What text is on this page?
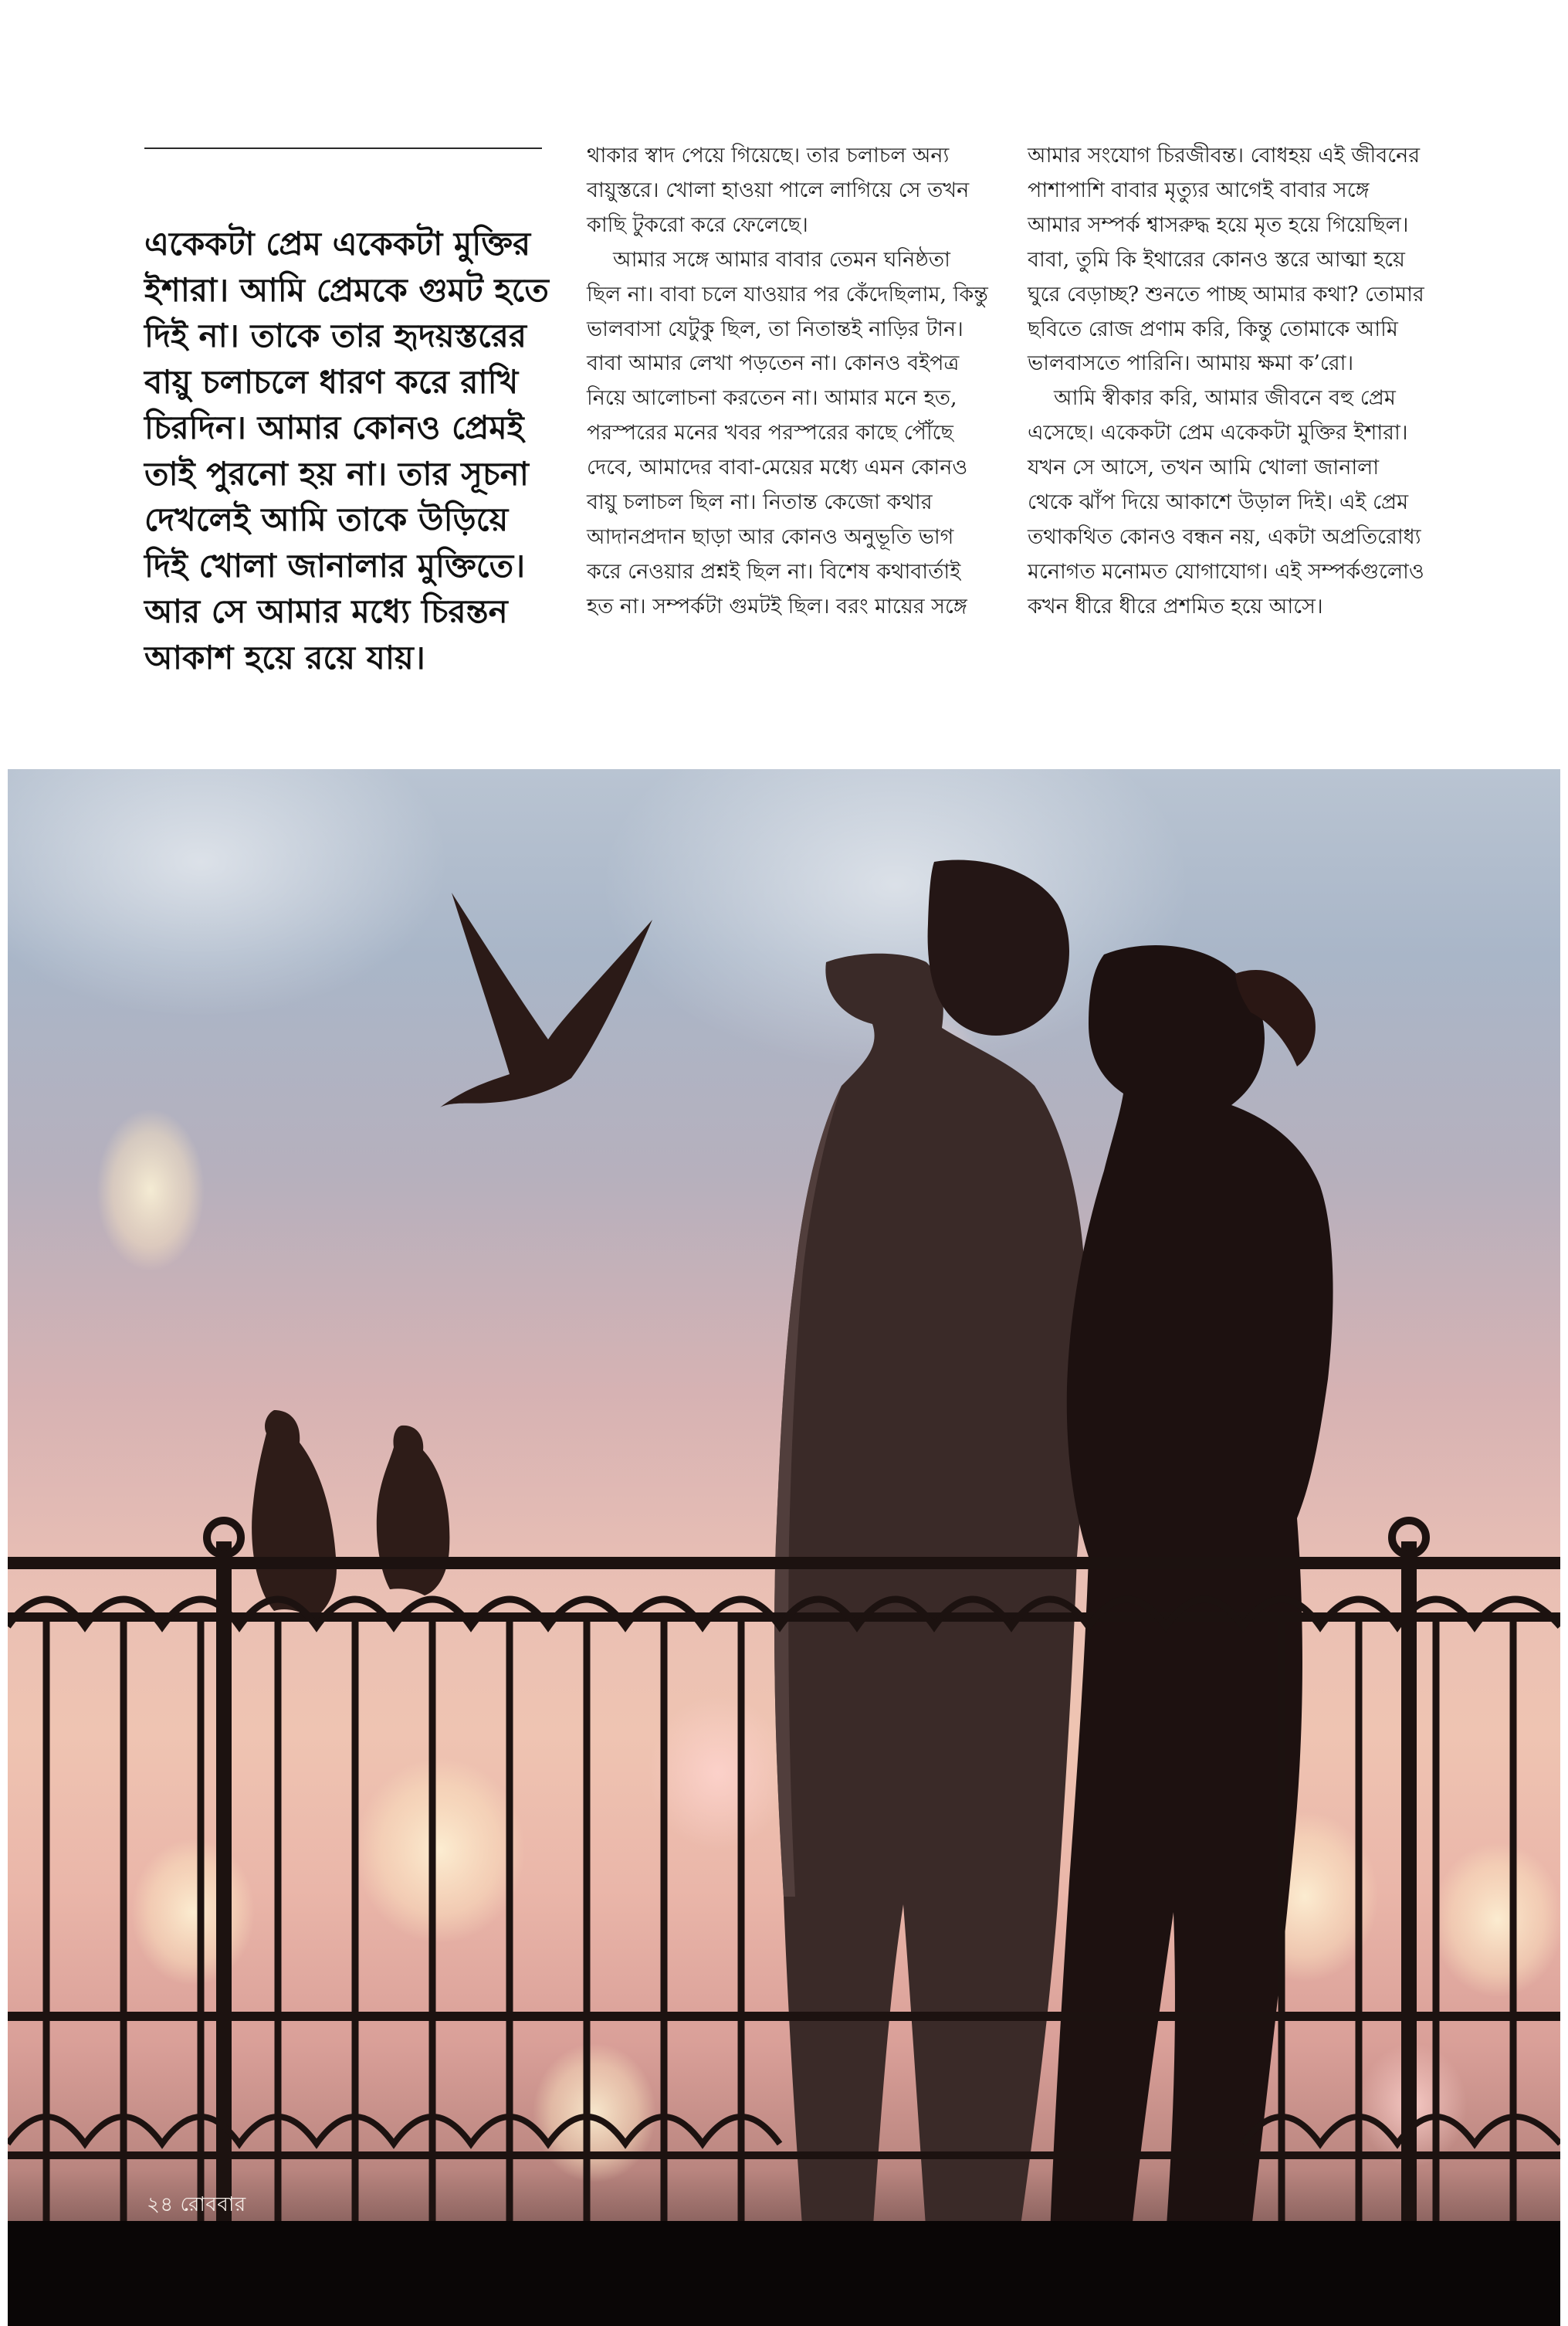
একেকটা প্রেম একেকটা মুক্তির ইশারা। আমি প্রেমকে গুমট হতে দিই না। তাকে তার হৃদয়স্তরের বায়ু চলাচলে ধারণ করে রাখি চিরদিন। আমার কোনও প্রেমই তাই পুরনো হয় না। তার সূচনা দেখলেই আমি তাকে উড়িয়ে দিই খোলা জানালার মুক্তিতে। আর সে আমার মধ্যে চিরন্তন আকাশ হয়ে রয়ে যায়।

থাকার স্বাদ পেয়ে গিয়েছে। তার চলাচল অন্য বায়ুস্তরে। খোলা হাওয়া পালে লাগিয়ে সে তখন কাছি টুকরো করে ফেলেছে।

আমার সঙ্গে আমার বাবার তেমন ঘনিষ্ঠতা ছিল না। বাবা চলে যাওয়ার পর কেঁদেছিলাম, কিন্তু ভালবাসা যেটুকু ছিল, তা নিতান্তই নাড়ির টান। বাবা আমার লেখা পড়তেন না। কোনও বইপত্র নিয়ে আলোচনা করতেন না। আমার মনে হত, পরস্পরের মনের খবর পরস্পরের কাছে পৌঁছে দেবে, আমাদের বাবা-মেয়ের মধ্যে এমন কোনও বায়ু চলাচল ছিল না। নিতান্ত কেজো কথার আদানপ্রদান ছাড়া আর কোনও অনুভূতি ভাগ করে নেওয়ার প্রশ্নই ছিল না। বিশেষ কথাবার্তাই হত না। সম্পর্কটা গুমটই ছিল। বরং মায়ের সঙ্গে

আমার সংযোগ চিরজীবন্ত। বোধহয় এই জীবনের পাশাপাশি বাবার মৃত্যুর আগেই বাবার সঙ্গে আমার সম্পর্ক শ্বাসরুদ্ধ হয়ে মৃত হয়ে গিয়েছিল। বাবা, তুমি কি ইথারের কোনও স্তরে আত্মা হয়ে ঘুরে বেড়াচ্ছ? শুনতে পাচ্ছ আমার কথা? তোমার ছবিতে রোজ প্রণাম করি, কিন্তু তোমাকে আমি ভালবাসতে পারিনি। আমায় ক্ষমা ক’রো।

আমি স্বীকার করি, আমার জীবনে বহু প্রেম এসেছে। একেকটা প্রেম একেকটা মুক্তির ইশারা। যখন সে আসে, তখন আমি খোলা জানালা থেকে ঝাঁপ দিয়ে আকাশে উড়াল দিই। এই প্রেম তথাকথিত কোনও বন্ধন নয়, একটা অপ্রতিরোধ্য মনোগত মনোমত যোগাযোগ। এই সম্পর্কগুলোও কখন ধীরে ধীরে প্রশমিত হয়ে আসে।

২৪ রোববার
